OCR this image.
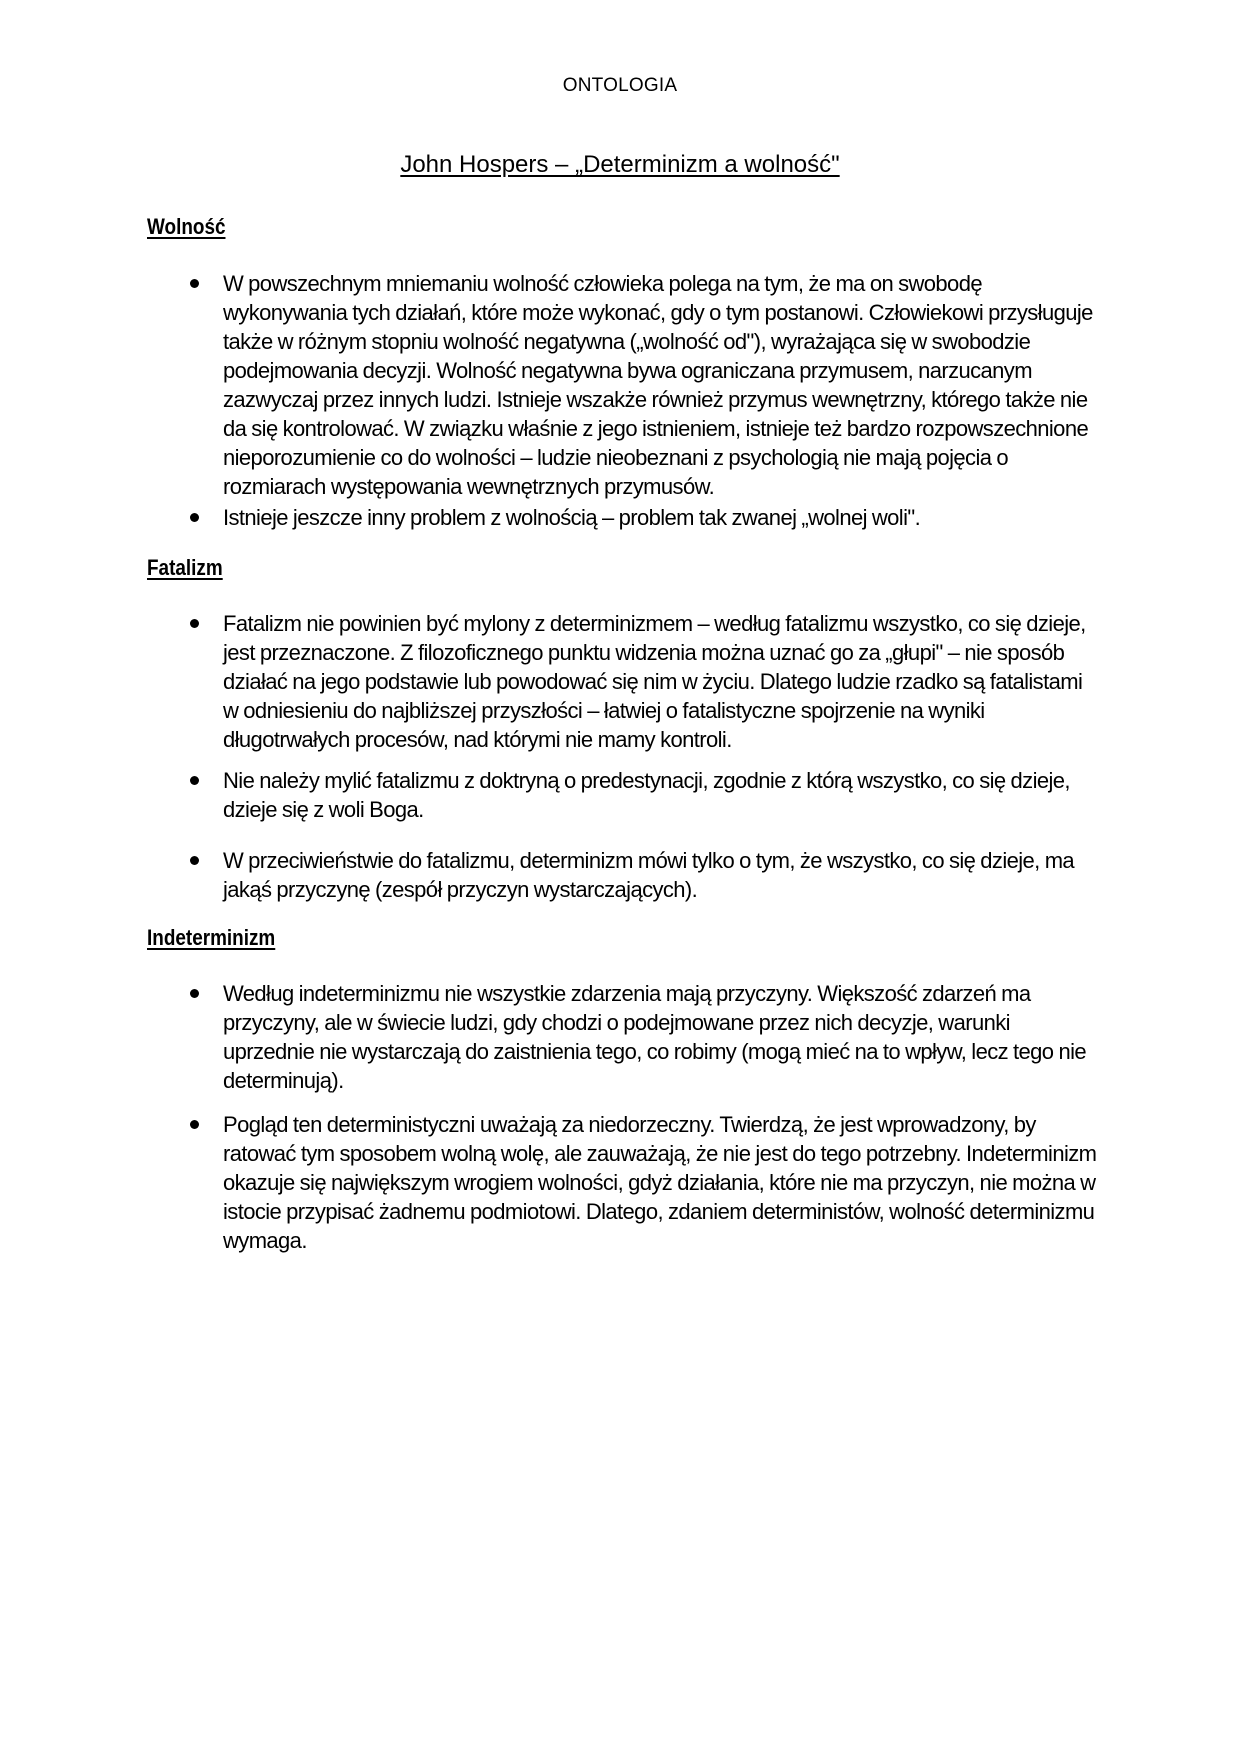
ONTOLOGIA
John Hospers – „Determinizm a wolność"
Wolność
W powszechnym mniemaniu wolność człowieka polega na tym, że ma on swobodę wykonywania tych działań, które może wykonać, gdy o tym postanowi. Człowiekowi przysługuje także w różnym stopniu wolność negatywna („wolność od"), wyrażająca się w swobodzie podejmowania decyzji. Wolność negatywna bywa ograniczana przymusem, narzucanym zazwyczaj przez innych ludzi. Istnieje wszakże również przymus wewnętrzny, którego także nie da się kontrolować. W związku właśnie z jego istnieniem, istnieje też bardzo rozpowszechnione nieporozumienie co do wolności – ludzie nieobeznani z psychologią nie mają pojęcia o rozmiarach występowania wewnętrznych przymusów.
Istnieje jeszcze inny problem z wolnością – problem tak zwanej „wolnej woli".
Fatalizm
Fatalizm nie powinien być mylony z determinizmem – według fatalizmu wszystko, co się dzieje, jest przeznaczone. Z filozoficznego punktu widzenia można uznać go za „głupi" – nie sposób działać na jego podstawie lub powodować się nim w życiu. Dlatego ludzie rzadko są fatalistami w odniesieniu do najbliższej przyszłości – łatwiej o fatalistyczne spojrzenie na wyniki długotrwałych procesów, nad którymi nie mamy kontroli.
Nie należy mylić fatalizmu z doktryną o predestynacji, zgodnie z którą wszystko, co się dzieje, dzieje się z woli Boga.
W przeciwieństwie do fatalizmu, determinizm mówi tylko o tym, że wszystko, co się dzieje, ma jakąś przyczynę (zespół przyczyn wystarczających).
Indeterminizm
Według indeterminizmu nie wszystkie zdarzenia mają przyczyny. Większość zdarzeń ma przyczyny, ale w świecie ludzi, gdy chodzi o podejmowane przez nich decyzje, warunki uprzednie nie wystarczają do zaistnienia tego, co robimy (mogą mieć na to wpływ, lecz tego nie determinują).
Pogląd ten deterministyczni uważają za niedorzeczny. Twierdzą, że jest wprowadzony, by ratować tym sposobem wolną wolę, ale zauważają, że nie jest do tego potrzebny. Indeterminizm okazuje się największym wrogiem wolności, gdyż działania, które nie ma przyczyn, nie można w istocie przypisać żadnemu podmiotowi. Dlatego, zdaniem deterministów, wolność determinizmu wymaga.
